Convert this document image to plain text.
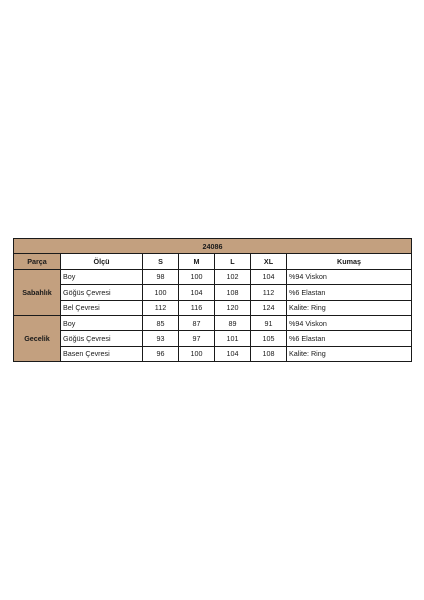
24086						
Parça	Ölçü	S	M	L	XL	Kumaş
Sabahlık	Boy	98	100	102	104	%94 Viskon
	Göğüs Çevresi	100	104	108	112	%6 Elastan
	Bel Çevresi	112	116	120	124	Kalite: Ring
Gecelik	Boy	85	87	89	91	%94 Viskon
	Göğüs Çevresi	93	97	101	105	%6 Elastan
	Basen Çevresi	96	100	104	108	Kalite: Ring
